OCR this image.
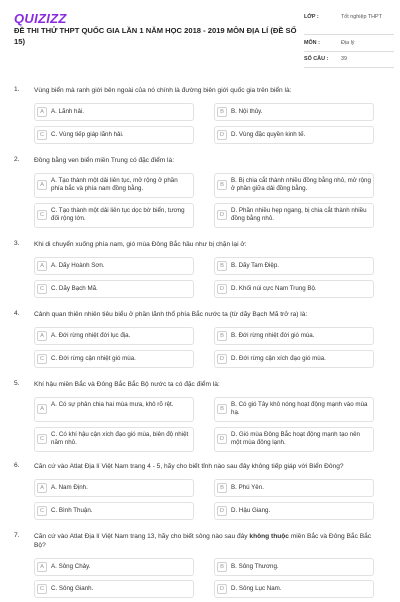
QUIZIZZ
ĐỀ THI THỬ THPT QUỐC GIA LẦN 1 NĂM HỌC 2018 - 2019 MÔN ĐỊA LÍ (ĐỀ SỐ 15)
LỚP :	Tốt nghiệp THPT
MÔN :	Địa lý
SỐ CÂU : 39
1. Vùng biển mà ranh giới bên ngoài của nó chính là đường biên giới quốc gia trên biển là:
A	A. Lãnh hải.	B	B. Nội thủy.
C	C. Vùng tiếp giáp lãnh hải.	D	D. Vùng đặc quyền kinh tế.
2. Đồng bằng ven biển miền Trung có đặc điểm là:
A
A. Tạo thành một dải liên tục, mở rộng ở phần phía bắc và phía nam đồng bằng.	B
B. Bị chia cắt thành nhiều đồng bằng nhỏ, mở rộng ở phần giữa dải đồng bằng.
C
C. Tạo thành một dải liên tục dọc bờ biển, tương đối rộng lớn.	D
D. Phần nhiều hẹp ngang, bị chia cắt thành nhiều đồng bằng nhỏ.
3. Khi di chuyển xuống phía nam, gió mùa Đông Bắc hầu như bị chặn lại ở:
A	A. Dãy Hoành Sơn.	B	B. Dãy Tam Điệp.
C	C. Dãy Bạch Mã.	D	D. Khối núi cực Nam Trung Bộ.
4. Cảnh quan thiên nhiên tiêu biểu ở phần lãnh thổ phía Bắc nước ta (từ dãy Bạch Mã trở ra) là:
A	A. Đới rừng nhiệt đới lục địa.	B	B. Đới rừng nhiệt đới gió mùa.
C	C. Đới rừng cận nhiệt gió mùa.	D	D. Đới rừng cận xích đạo gió mùa.
5. Khí hậu miền Bắc và Đông Bắc Bắc Bộ nước ta có đặc điểm là:
A
A. Có sự phân chia hai mùa mưa, khô rõ rệt.
B
B. Có gió Tây khô nóng hoạt động mạnh vào mùa hạ.
C
C. Có khí hậu cận xích đạo gió mùa, biên độ nhiệt năm nhỏ.	D
D. Gió mùa Đông Bắc hoạt động mạnh tạo nên một mùa đông lạnh.
6. Căn cứ vào Atlat Địa lí Việt Nam trang 4 - 5, hãy cho biết tỉnh nào sau đây không tiếp giáp với Biển Đông?
A	A. Nam Định.	B	B. Phú Yên.
C	C. Bình Thuận.	D	D. Hậu Giang.
7. Căn cứ vào Atlat Địa lí Việt Nam trang 13, hãy cho biết sông nào sau đây không thuộc miền Bắc và Đông Bắc Bắc Bộ?
A	A. Sông Chảy.	B	B. Sông Thương.
C	C. Sông Gianh.	D	D. Sông Lục Nam.
